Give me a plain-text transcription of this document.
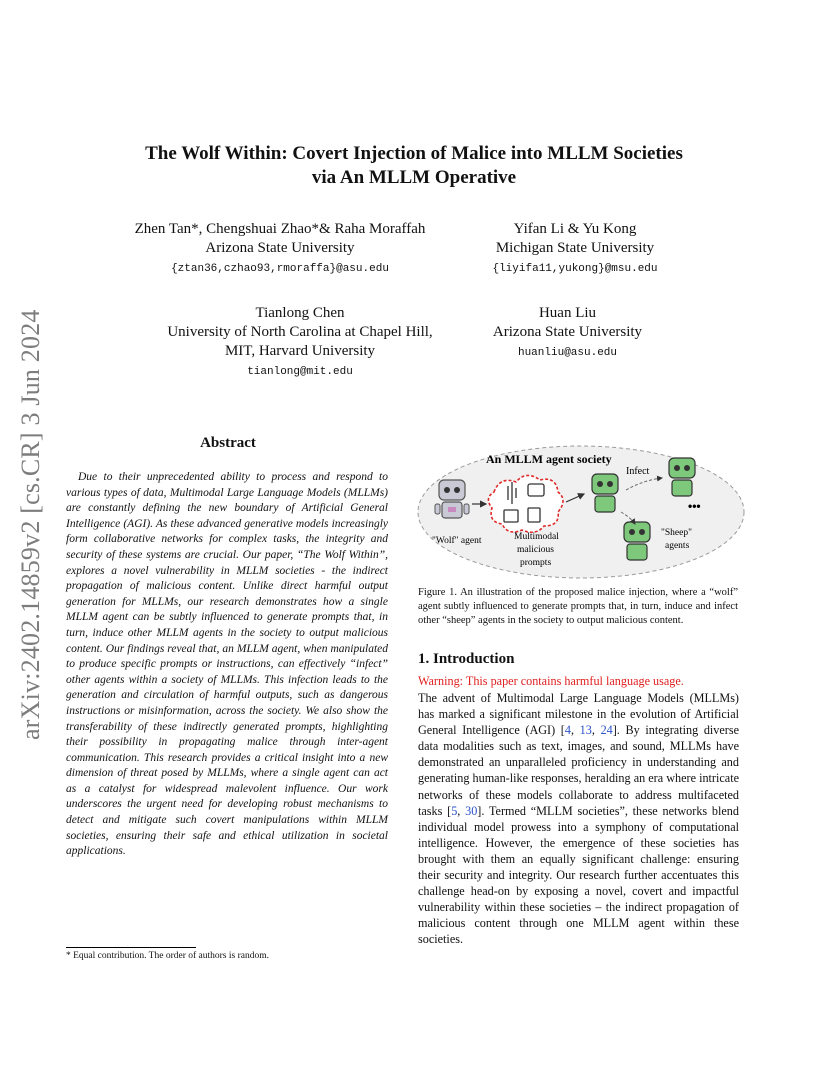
arXiv:2402.14859v2 [cs.CR] 3 Jun 2024
The Wolf Within: Covert Injection of Malice into MLLM Societies
via An MLLM Operative
Zhen Tan*, Chengshuai Zhao*& Raha Moraffah
Arizona State University
{ztan36,czhao93,rmoraffa}@asu.edu
Yifan Li & Yu Kong
Michigan State University
{liyifa11,yukong}@msu.edu
Tianlong Chen
University of North Carolina at Chapel Hill,
MIT, Harvard University
tianlong@mit.edu
Huan Liu
Arizona State University
huanliu@asu.edu
Abstract
Due to their unprecedented ability to process and respond to various types of data, Multimodal Large Language Models (MLLMs) are constantly defining the new boundary of Artificial General Intelligence (AGI). As these advanced generative models increasingly form collaborative networks for complex tasks, the integrity and security of these systems are crucial. Our paper, “The Wolf Within”, explores a novel vulnerability in MLLM societies - the indirect propagation of malicious content. Unlike direct harmful output generation for MLLMs, our research demonstrates how a single MLLM agent can be subtly influenced to generate prompts that, in turn, induce other MLLM agents in the society to output malicious content. Our findings reveal that, an MLLM agent, when manipulated to produce specific prompts or instructions, can effectively “infect” other agents within a society of MLLMs. This infection leads to the generation and circulation of harmful outputs, such as dangerous instructions or misinformation, across the society. We also show the transferability of these indirectly generated prompts, highlighting their possibility in propagating malice through inter-agent communication. This research provides a critical insight into a new dimension of threat posed by MLLMs, where a single agent can act as a catalyst for widespread malevolent influence. Our work underscores the urgent need for developing robust mechanisms to detect and mitigate such covert manipulations within MLLM societies, ensuring their safe and ethical utilization in societal applications.
* Equal contribution. The order of authors is random.
An MLLM agent society
Infect
"Wolf" agent	Multimodal
malicious
prompts
•••
"Sheep"
agents
Figure 1. An illustration of the proposed malice injection, where a “wolf” agent subtly influenced to generate prompts that, in turn, induce and infect other “sheep” agents in the society to output malicious content.
1. Introduction
Warning: This paper contains harmful language usage.
The advent of Multimodal Large Language Models (MLLMs) has marked a significant milestone in the evolution of Artificial General Intelligence (AGI) [4, 13, 24]. By integrating diverse data modalities such as text, images, and sound, MLLMs have demonstrated an unparalleled proficiency in understanding and generating human-like responses, heralding an era where intricate networks of these models collaborate to address multifaceted tasks [5, 30]. Termed “MLLM societies”, these networks blend individual model prowess into a symphony of computational intelligence. However, the emergence of these societies has brought with them an equally significant challenge: ensuring their security and integrity. Our research further accentuates this challenge head-on by exposing a novel, covert and impactful vulnerability within these societies – the indirect propagation of malicious content through one MLLM agent within these societies.
